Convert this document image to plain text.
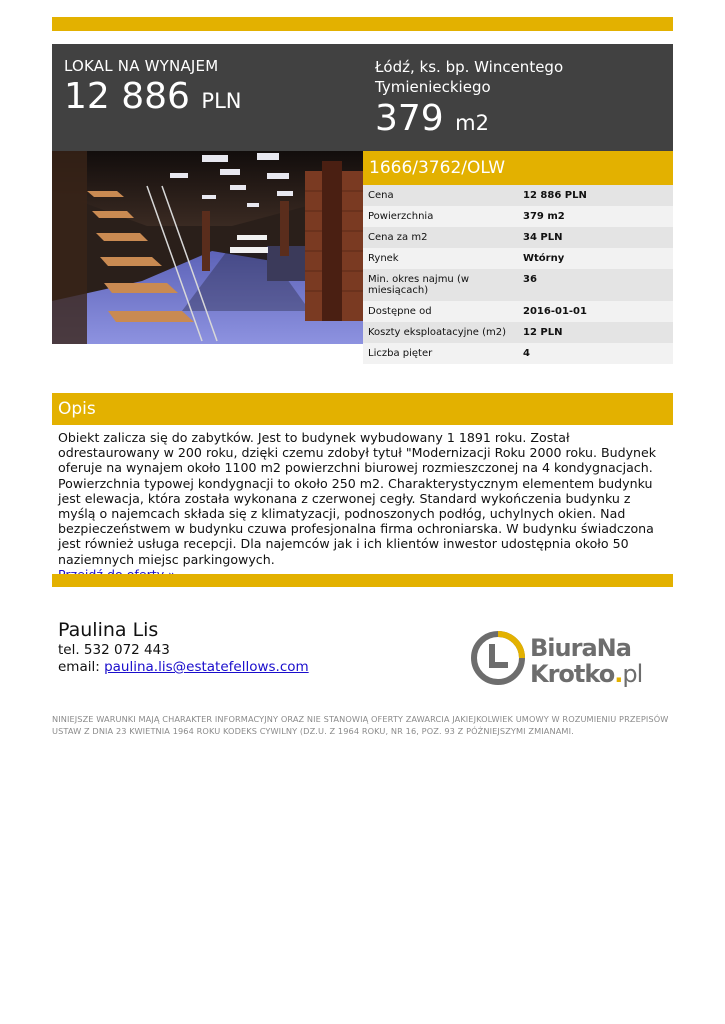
LOKAL NA WYNAJEM
12 886 PLN
Łódź, ks. bp. Wincentego Tymienieckiego
379 m2
1666/3762/OLW
Cena	12 886 PLN
Powierzchnia	379 m2
Cena za m2	34 PLN
Rynek	Wtórny
Min. okres najmu (w miesiącach)	36
Dostępne od	2016-01-01
Koszty eksploatacyjne (m2)	12 PLN
Liczba pięter	4
Opis
Obiekt zalicza się do zabytków. Jest to budynek wybudowany 1 1891 roku. Został odrestaurowany w 200 roku, dzięki czemu zdobył tytuł "Modernizacji Roku 2000 roku. Budynek oferuje na wynajem około 1100 m2 powierzchni biurowej rozmieszczonej na 4 kondygnacjach. Powierzchnia typowej kondygnacji to około 250 m2. Charakterystycznym elementem budynku jest elewacja, która została wykonana z czerwonej cegły. Standard wykończenia budynku z myślą o najemcach składa się z klimatyzacji, podnoszonych podłóg, uchylnych okien. Nad bezpieczeństwem w budynku czuwa profesjonalna firma ochroniarska. W budynku świadczona jest również usługa recepcji. Dla najemców jak i ich klientów inwestor udostępnia około 50 naziemnych miejsc parkingowych.

Paulina Lis
tel. 532 072 443
email: paulina.lis@estatefellows.com
BiuraNa
Krotko.pl
NINIEJSZE WARUNKI MAJĄ CHARAKTER INFORMACYJNY ORAZ NIE STANOWIĄ OFERTY ZAWARCIA JAKIEJKOLWIEK UMOWY W ROZUMIENIU PRZEPISÓW USTAW Z DNIA 23 KWIETNIA 1964 ROKU KODEKS CYWILNY (DZ.U. Z 1964 ROKU, NR 16, POZ. 93 Z PÓŹNIEJSZYMI ZMIANAMI.
